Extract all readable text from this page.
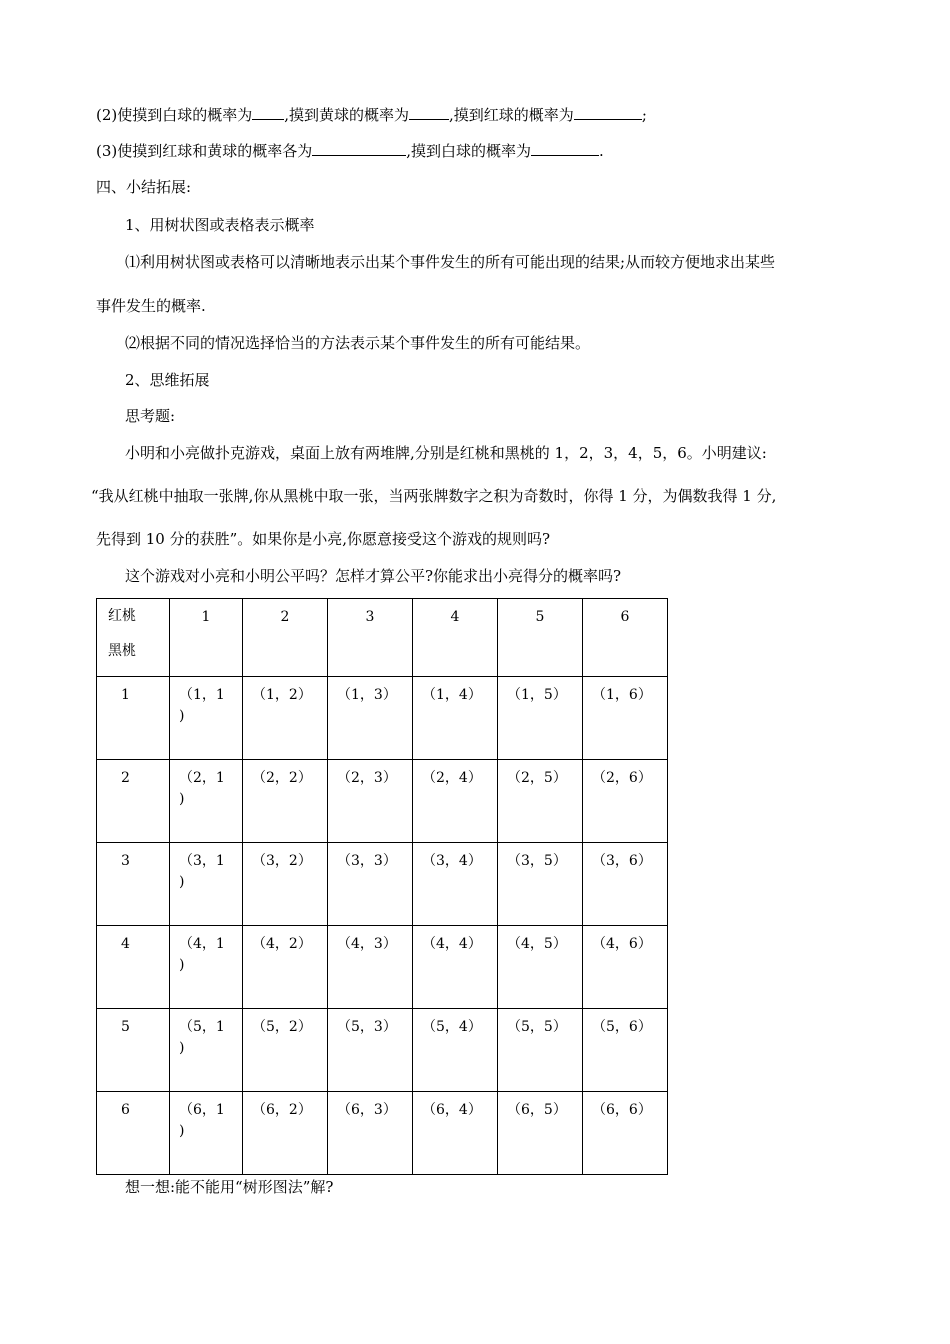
(2)使摸到白球的概率为 ,摸到黄球的概率为	,摸到红球的概率为	;
(3)使摸到红球和黄球的概率各为	,摸到白球的概率为	.
四、小结拓展:
1、用树状图或表格表示概率
⑴利用树状图或表格可以清晰地表示出某个事件发生的所有可能出现的结果;从而较方便地求出某些
事件发生的概率.
⑵根据不同的情况选择恰当的方法表示某个事件发生的所有可能结果。
2、思维拓展
思考题:
小明和小亮做扑克游戏，桌面上放有两堆牌,分别是红桃和黑桃的 1，2，3，4，5，6。小明建议:
“我从红桃中抽取一张牌,你从黑桃中取一张，当两张牌数字之积为奇数时，你得 1 分，为偶数我得 1 分,
先得到 10 分的获胜”。如果你是小亮,你愿意接受这个游戏的规则吗?
这个游戏对小亮和小明公平吗？怎样才算公平?你能求出小亮得分的概率吗?
红桃
黑桃	1	2	3	4	5	6

1	（1，1
)	（1，2）	（1，3）	（1，4）	（1，5）	（1，6）

2	（2，1
)	（2，2）	（2，3）	（2，4）	（2，5）	（2，6）

3	（3，1
)	（3，2）	（3，3）	（3，4）	（3，5）	（3，6）

4	（4，1
)	（4，2）	（4，3）	（4，4）	（4，5）	（4，6）

5	（5，1
)	（5，2）	（5，3）	（5，4）	（5，5）	（5，6）

6	（6，1
)	（6，2）	（6，3）	（6，4）	（6，5）	（6，6）
想一想:能不能用“树形图法”解?
